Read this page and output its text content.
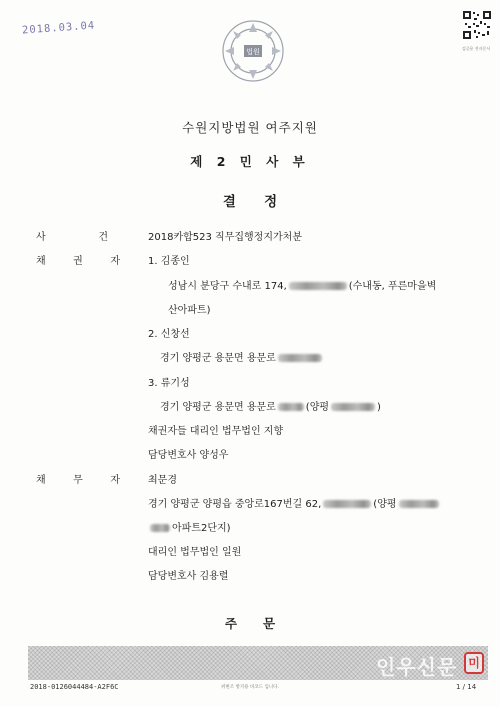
2018.03.04
법원	검증용 전자문서
수원지방법원 여주지원
제 2 민 사 부
결      정
사	건	2018카합523 직무집행정지가처분
채	권	자	1. 김종인
성남시 분당구 수내로 174,	(수내동, 푸른마을벽
산아파트)
2. 신창선
경기 양평군 용문면 용문로
3. 류기성
경기 양평군 용문면 용문로	(양평	)
채권자들 대리인 법무법인 지향
담당변호사 양성우
채	무	자	최문경
경기 양평군 양평읍 중앙로167번길 62,	(양평
아파트2단지)
대리인 법무법인 일원
담당변호사 김용렬
주      문
인우신문 미
2018-0126044484-A2F6C	위변조 방지용 바코드 입니다.	1 / 14
